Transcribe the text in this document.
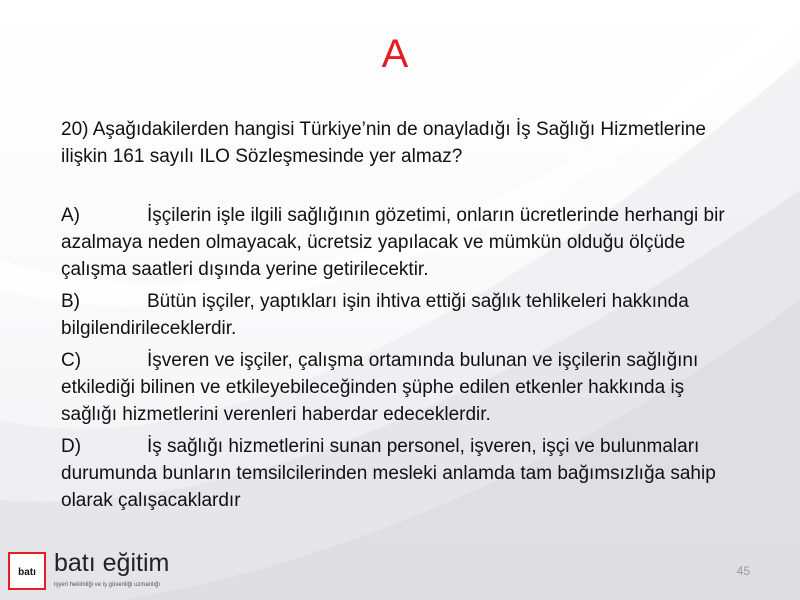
A

20) Aşağıdakilerden hangisi Türkiye’nin de onayladığı İş Sağlığı Hizmetlerine ilişkin 161 sayılı ILO Sözleşmesinde yer almaz?

A)	İşçilerin işle ilgili sağlığının gözetimi, onların ücretlerinde herhangi bir azalmaya neden olmayacak, ücretsiz yapılacak ve mümkün olduğu ölçüde çalışma saatleri dışında yerine getirilecektir.

B)	Bütün işçiler, yaptıkları işin ihtiva ettiği sağlık tehlikeleri hakkında bilgilendirileceklerdir.

C)	İşveren ve işçiler, çalışma ortamında bulunan ve işçilerin sağlığını etkilediği bilinen ve etkileyebileceğinden şüphe edilen etkenler hakkında iş sağlığı hizmetlerini verenleri haberdar edeceklerdir.

D)	İş sağlığı hizmetlerini sunan personel, işveren, işçi ve bulunmaları durumunda bunların temsilcilerinden mesleki anlamda tam bağımsızlığa sahip olarak çalışacaklardır

batı batı eğitim
işyeri hekimliği ve iş güvenliği uzmanlığı
45
